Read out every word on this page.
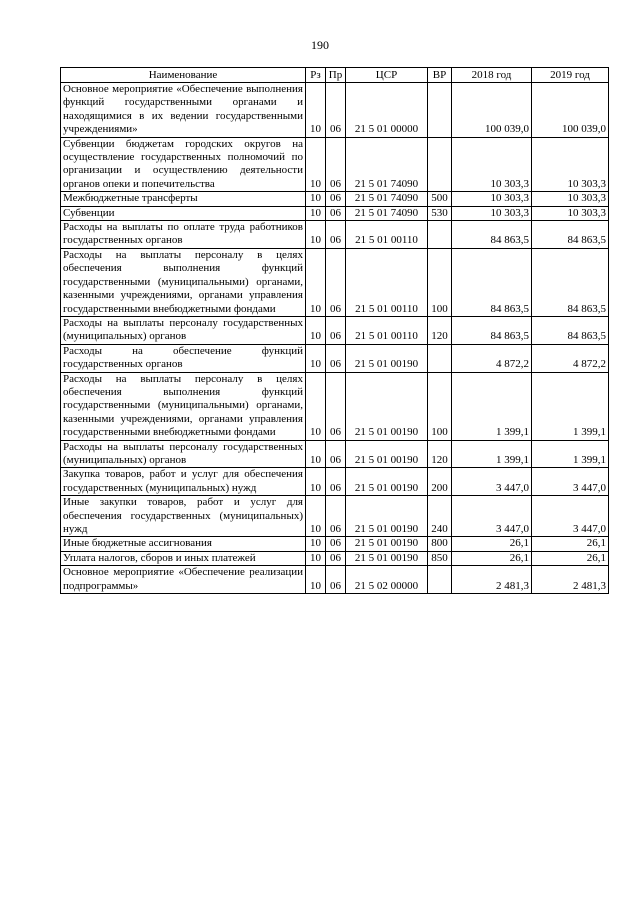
190
Наименование	Рз	Пр	ЦСР	ВР	2018 год	2019 год
Основное мероприятие «Обеспечение выполнения функций государственными органами и находящимися в их ведении государственными учреждениями»	10	06	21 5 01 00000		100 039,0	100 039,0
Субвенции бюджетам городских округов на осуществление государственных полномочий по организации и осуществлению деятельности органов опеки и попечительства	10	06	21 5 01 74090		10 303,3	10 303,3
Межбюджетные трансферты	10	06	21 5 01 74090	500	10 303,3	10 303,3
Субвенции	10	06	21 5 01 74090	530	10 303,3	10 303,3
Расходы на выплаты по оплате труда работников государственных органов	10	06	21 5 01 00110		84 863,5	84 863,5
Расходы на выплаты персоналу в целях обеспечения выполнения функций государственными (муниципальными) органами, казенными учреждениями, органами управления государственными внебюджетными фондами	10	06	21 5 01 00110	100	84 863,5	84 863,5
Расходы на выплаты персоналу государственных (муниципальных) органов	10	06	21 5 01 00110	120	84 863,5	84 863,5
Расходы на обеспечение функций государственных органов	10	06	21 5 01 00190		4 872,2	4 872,2
Расходы на выплаты персоналу в целях обеспечения выполнения функций государственными (муниципальными) органами, казенными учреждениями, органами управления государственными внебюджетными фондами	10	06	21 5 01 00190	100	1 399,1	1 399,1
Расходы на выплаты персоналу государственных (муниципальных) органов	10	06	21 5 01 00190	120	1 399,1	1 399,1
Закупка товаров, работ и услуг для обеспечения государственных (муниципальных) нужд	10	06	21 5 01 00190	200	3 447,0	3 447,0
Иные закупки товаров, работ и услуг для обеспечения государственных (муниципальных) нужд	10	06	21 5 01 00190	240	3 447,0	3 447,0
Иные бюджетные ассигнования	10	06	21 5 01 00190	800	26,1	26,1
Уплата налогов, сборов и иных платежей	10	06	21 5 01 00190	850	26,1	26,1
Основное мероприятие «Обеспечение реализации подпрограммы»	10	06	21 5 02 00000		2 481,3	2 481,3
